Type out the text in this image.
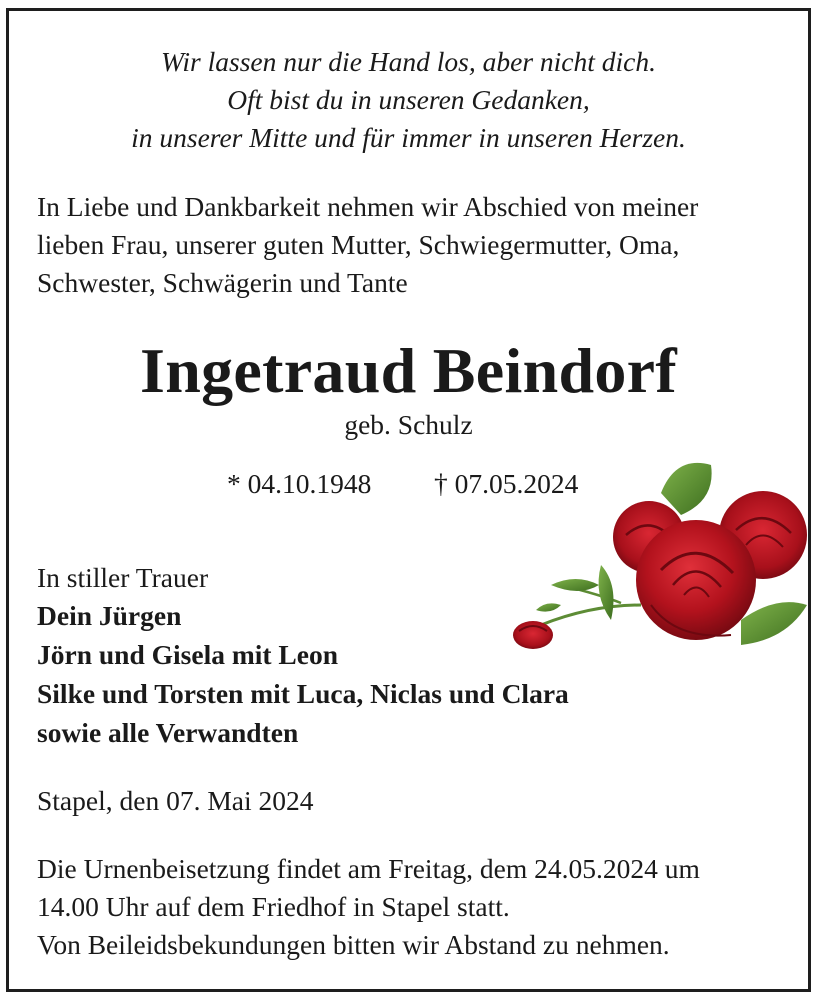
Wir lassen nur die Hand los, aber nicht dich.
Oft bist du in unseren Gedanken,
in unserer Mitte und für immer in unseren Herzen.
In Liebe und Dankbarkeit nehmen wir Abschied von meiner
lieben Frau, unserer guten Mutter, Schwiegermutter, Oma,
Schwester, Schwägerin und Tante
Ingetraud Beindorf
geb. Schulz
* 04.10.1948 † 07.05.2024
In stiller Trauer
Dein Jürgen
Jörn und Gisela mit Leon
Silke und Torsten mit Luca, Niclas und Clara
sowie alle Verwandten
Stapel, den 07. Mai 2024
Die Urnenbeisetzung findet am Freitag, dem 24.05.2024 um
14.00 Uhr auf dem Friedhof in Stapel statt.
Von Beileidsbekundungen bitten wir Abstand zu nehmen.
